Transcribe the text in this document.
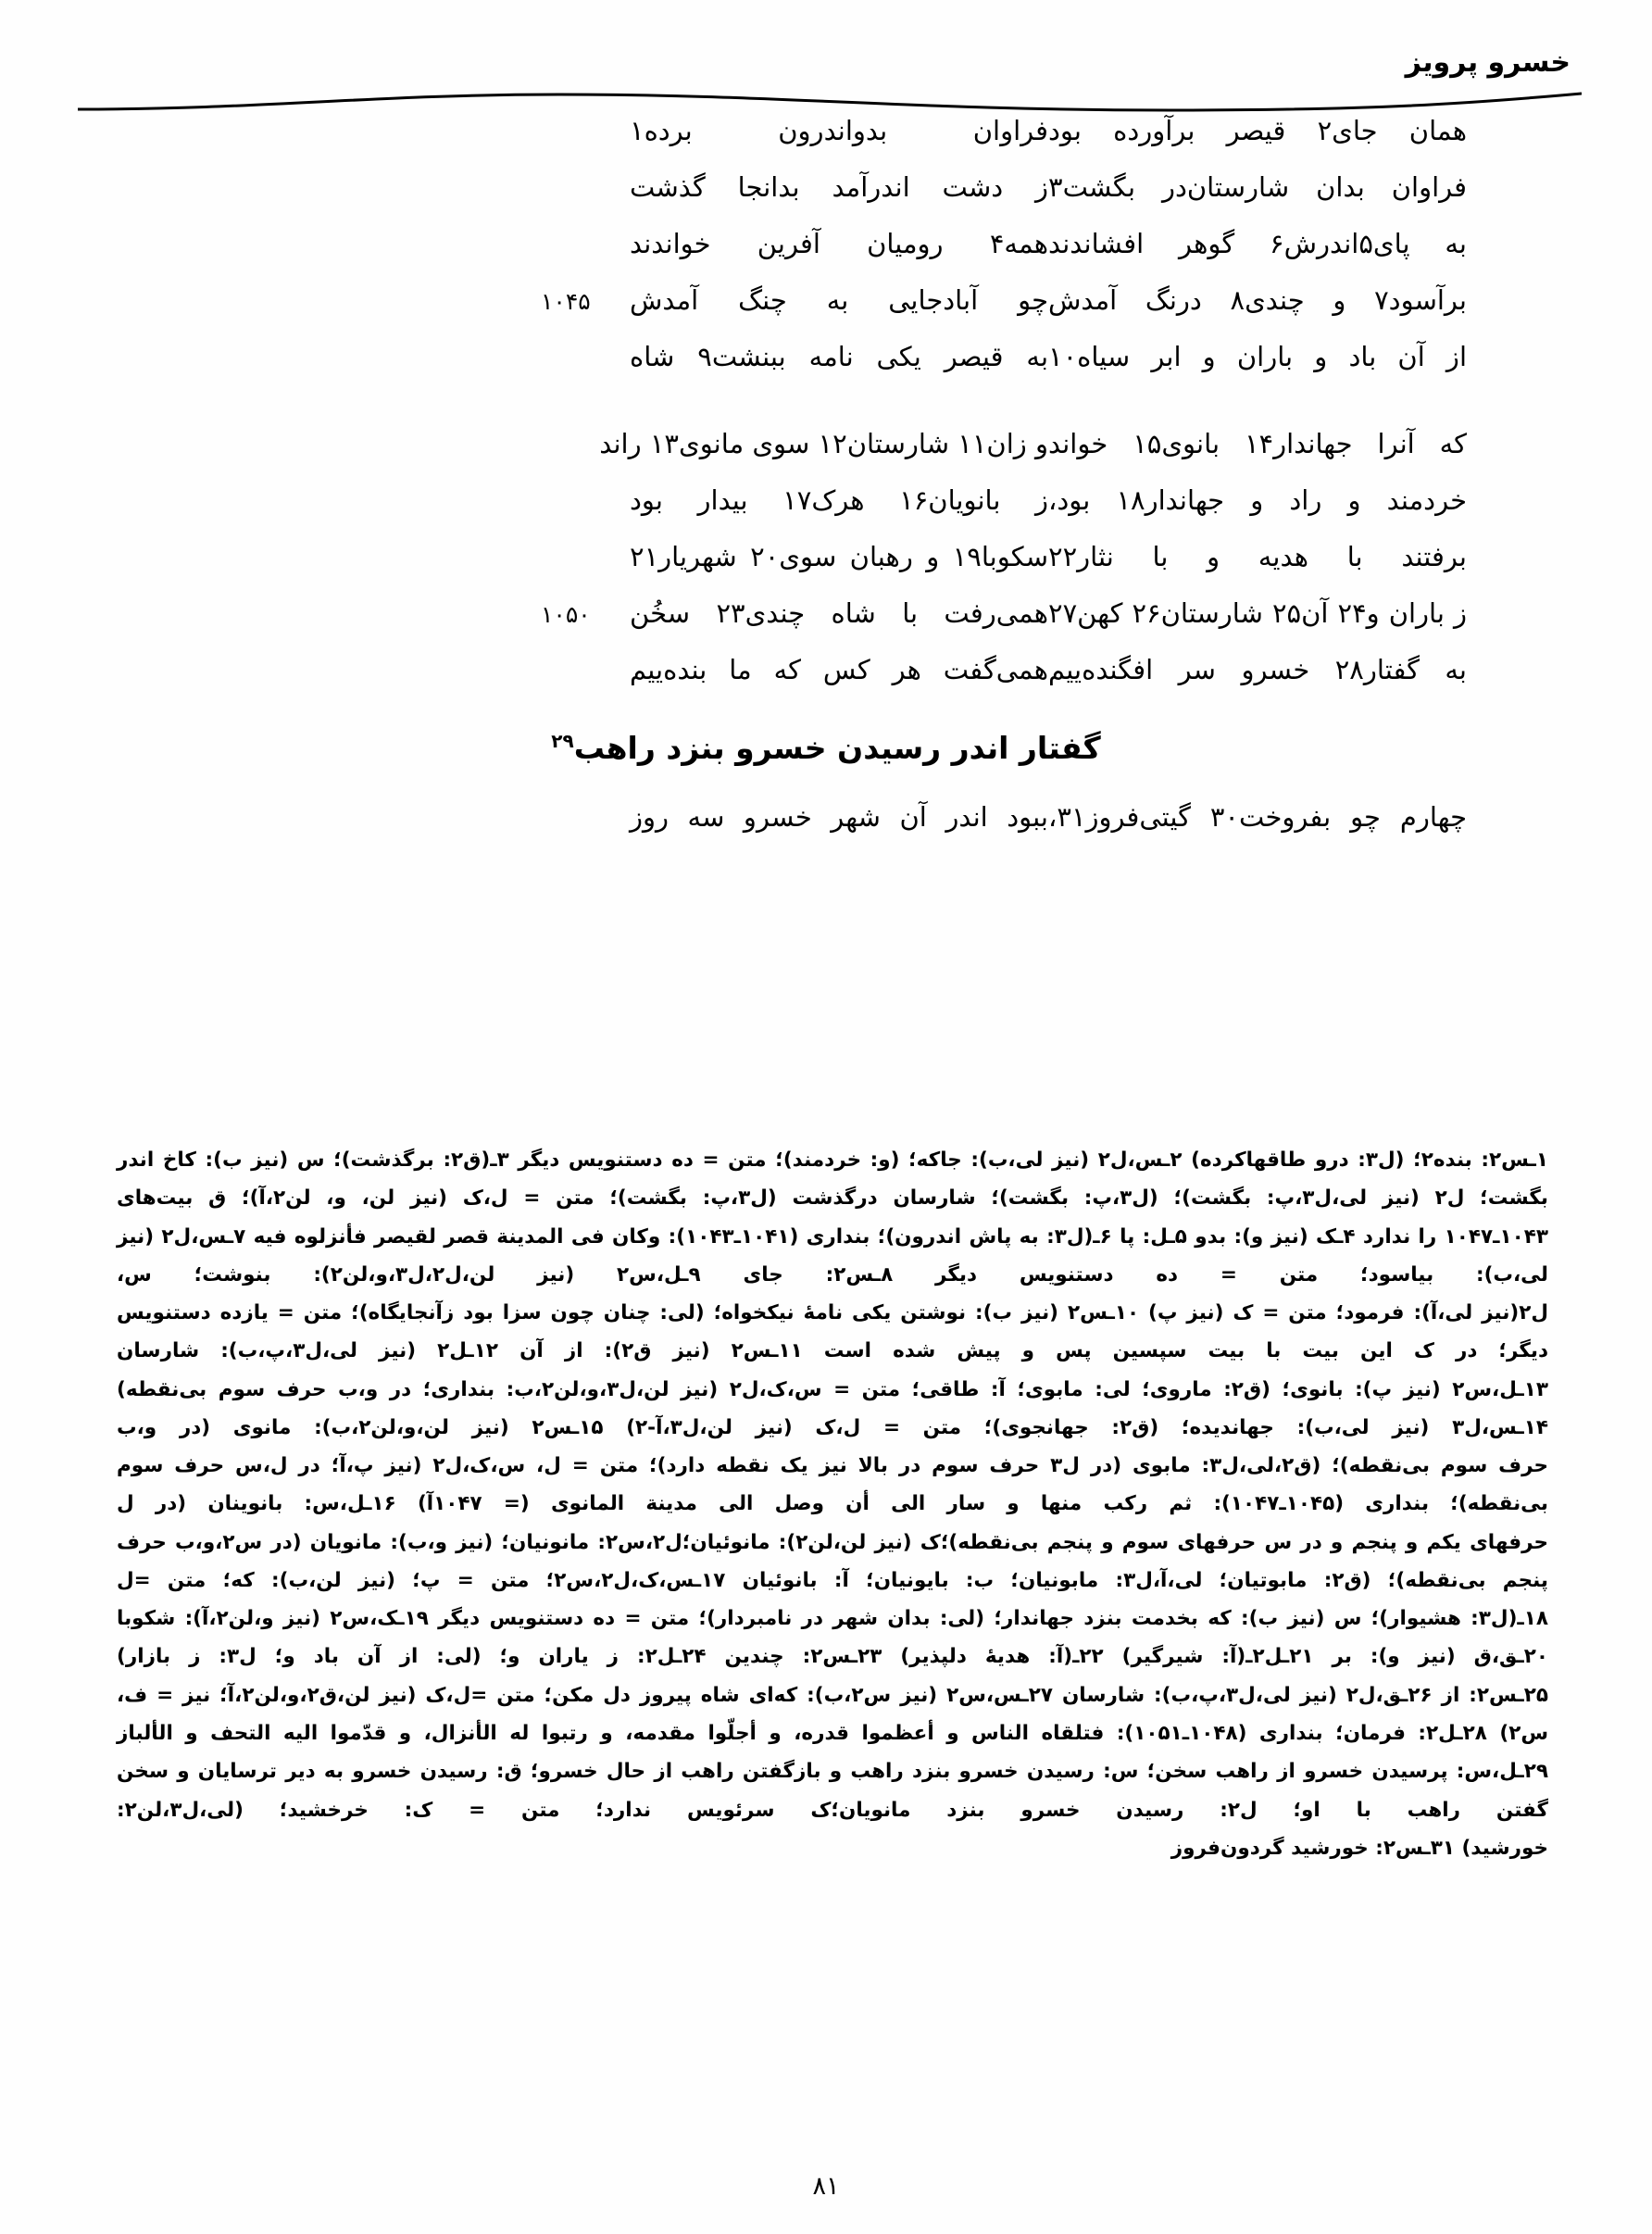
خسرو پرویز
همان جای۲ قیصر برآورده بود
فراوان بدواندرون برده‌۱
فراوان بدان شارستان‌در بگشت۳
ز دشت اندرآمد بدانجا گذشت
به پای۵اندرش۶ گوهر افشاندند
همه۴ رومیان آفرین خواندند
برآسود۷ و چندی۸ درنگ آمدش
چو آبادجایی به چنگ آمدش
۱۰۴۵
از آن باد و باران و ابر سیاه۱۰
به قیصر یکی نامه ببنشت۹ شاه
که آنرا جهاندار۱۴ بانوی۱۵ خواند
و زان۱۱ شارستان۱۲ سوی مانوی۱۳ راند
خردمند و راد و جهاندار۱۸ بود،
ز بانویان۱۶ هرک۱۷ بیدار بود
برفتند با هدیه و با نثار۲۲
سکوبا۱۹ و رهبان سوی۲۰ شهریار۲۱
ز باران و۲۴ آن۲۵ شارستان۲۶ کهن۲۷
همی‌رفت با شاه چندی۲۳ سخُن
۱۰۵۰
به گفتار۲۸ خسرو سر افگنده‌ییم
همی‌گفت هر کس که ما بنده‌ییم
گفتار اندر رسیدن خسرو بنزد راهب$^{۲۹}$
چهارم چو بفروخت۳۰ گیتی‌فروز۳۱،
ببود اندر آن شهر خسرو سه روز

۱ـس۲: بنده۲؛ (ل۳: درو طاقهاکرده) ۲ـس،ل۲ (نیز لی،ب): جاکه؛ (و: خردمند)؛ متن = ده دستنویس دیگر ۳ـ(ق۲: برگذشت)؛ س (نیز ب): کاخ اندر بگشت؛ ل۲ (نیز لی،ل۳،پ: بگشت)؛ (ل۳،پ: بگشت)؛ شارسان درگذشت (ل۳،پ: بگشت)؛ متن = ل،ک (نیز لن، و، لن۲،آ)؛ ق بیت‌های

۱۰۴۳ـ۱۰۴۷ را ندارد ۴ـک (نیز و): بدو ۵ـل: پا ۶ـ(ل۳: به پاش اندرون)؛ بنداری (۱۰۴۱ـ۱۰۴۳): وکان فی المدینة قصر لقیصر فأنزلوه فیه ۷ـس،ل۲ (نیز لی،ب): بیاسود؛ متن = ده دستنویس دیگر ۸ـس۲: جای ۹ـل،س۲ (نیز لن،ل۲،ل۳،و،لن۲): بنوشت؛ س،

ل۲(نیز لی،آ): فرمود؛ متن = ک (نیز پ) ۱۰ـس۲ (نیز ب): نوشتن یکی نامهٔ نیکخواه؛ (لی: چنان چون سزا بود زآنجایگاه)؛ متن = یازده دستنویس دیگر؛ در ک این بیت با بیت سپسین پس و پیش شده است ۱۱ـس۲ (نیز ق۲): از آن ۱۲ـل۲ (نیز لی،ل۳،پ،ب): شارسان

۱۳ـل،س۲ (نیز پ): بانوی؛ (ق۲: ماروی؛ لی: مابوی؛ آ: طاقی؛ متن = س،ک،ل۲ (نیز لن،ل۳،و،لن۲،ب: بنداری؛ در و،ب حرف سوم بی‌نقطه) ۱۴ـس،ل۳ (نیز لی،ب): جهاندیده؛ (ق۲: جهانجوی)؛ متن = ل،ک (نیز لن،ل۳،آ-۲) ۱۵ـس۲ (نیز لن،و،لن۲،ب): مانوی (در و،ب

حرف سوم بی‌نقطه)؛ (ق۲،لی،ل۳: مابوی (در ل۳ حرف سوم در بالا نیز یک نقطه دارد)؛ متن = ل، س،ک،ل۲ (نیز پ،آ؛ در ل،س حرف سوم بی‌نقطه)؛ بنداری (۱۰۴۵ـ۱۰۴۷): ثم رکب منها و سار الی أن وصل الی مدینة المانوی (= ۱۰۴۷آ) ۱۶ـل،س: بانوینان (در ل

حرفهای یکم و پنجم و در س حرفهای سوم و پنجم بی‌نقطه)؛ک (نیز لن،لن۲): مانوئیان؛ل۲،س۲: مانونیان؛ (نیز و،ب): ما‌نویان (در س۲،و،ب حرف پنجم بی‌نقطه)؛ (ق۲: مابوتیان؛ لی،آ،ل۳: مابونیان؛ ب: بایونیان؛ آ: بانوئیان ۱۷ـس،ک،ل۲،س۲؛ متن = پ؛ (نیز لن،ب): که؛ متن =ل

۱۸ـ(ل۳: هشیوار)؛ س (نیز ب): که بخدمت بنزد جهاندار؛ (لی: بدان شهر در نامبردار)؛ متن = ده دستنویس دیگر ۱۹ـک،س۲ (نیز و،لن۲،آ): شکوبا ۲۰ـق،ق (نیز و): بر ۲۱ـل۲ـ(آ: شیرگیر) ۲۲ـ(آ: هدیهٔ دلپذیر) ۲۳ـس۲: چندین ۲۴ـل۲: ز یاران و؛ (لی: از آن باد و؛ ل۳: ز بازار)

۲۵ـس۲: از ۲۶ـق،ل۲ (نیز لی،ل۳،پ،ب): شارسان ۲۷ـس،س۲ (نیز س۲،ب): که‌ای شاه پیروز دل مکن؛ متن =ل،ک (نیز لن،ق۲،و،لن۲،آ؛ نیز = ف، س۲) ۲۸ـل۲: فرمان؛ بنداری (۱۰۴۸ـ۱۰۵۱): فتلقاه الناس و أعظموا قدره، و أجلّوا مقدمه، و رتبوا له الأنزال، و قدّموا الیه التحف و الألباز

۲۹ـل،س: پرسیدن خسرو از راهب سخن؛ س: رسیدن خسرو بنزد راهب و بازگفتن راهب از حال خسرو؛ ق: رسیدن خسرو به دیر ترسایان و سخن گفتن راهب با او؛ ل۲: رسیدن خسرو بنزد مانویان؛ک سرئویس ندارد؛ متن = ک: خرخشید؛ (لی،ل۳،لن۲:

خورشید) ۳۱ـس۲: خورشید گردون‌فروز

۸۱
